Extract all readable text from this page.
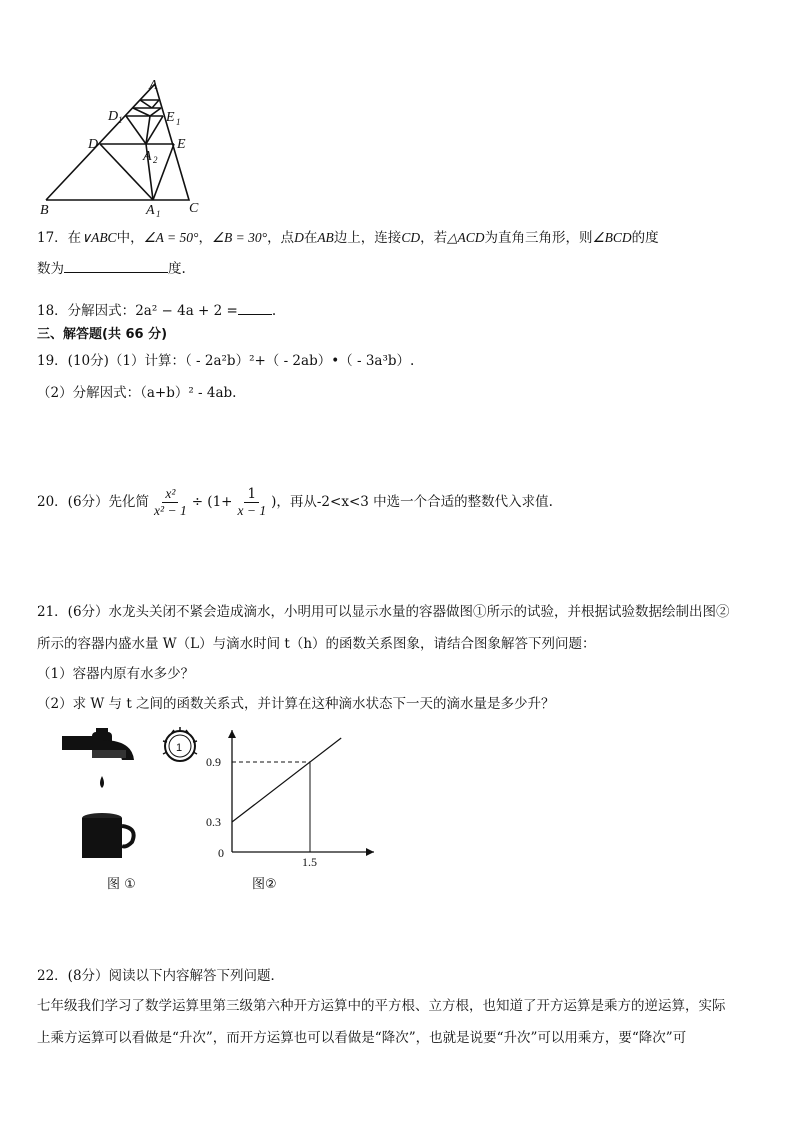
A
D 1	E 1
D	E
A 2
B	A 1 C
17．在∨ABC中，∠A = 50°，∠B = 30°，点D在AB边上，连接CD，若△ACD为直角三角形，则∠BCD的度
数为	度.
18．分解因式：2a² − 4a + 2 =	.
三、解答题(共 66 分)
19．(10分)（1）计算：（ - 2a²b）²+（ - 2ab）•（ - 3a³b）.
（2）分解因式：（a+b）² - 4ab.
20．(6分）先化简 $\frac{\text{x²}}{\text{x² − 1}} \div (1+ \frac{1}{x - 1}$ )，再从-2<x<3 中选一个合适的整数代入求值.
21．(6分）水龙头关闭不紧会造成滴水，小明用可以显示水量的容器做图①所示的试验，并根据试验数据绘制出图②
所示的容器内盛水量 W（L）与滴水时间 t（h）的函数关系图象，请结合图象解答下列问题：
（1）容器内原有水多少？
（2）求 W 与 t 之间的函数关系式，并计算在这种滴水状态下一天的滴水量是多少升？
1
图 ①
0.9
0.3
0
1.5
图②
22．(8分）阅读以下内容解答下列问题．
七年级我们学习了数学运算里第三级第六种开方运算中的平方根、立方根，也知道了开方运算是乘方的逆运算，实际
上乘方运算可以看做是“升次”，而开方运算也可以看做是“降次”，也就是说要“升次”可以用乘方，要“降次”可
